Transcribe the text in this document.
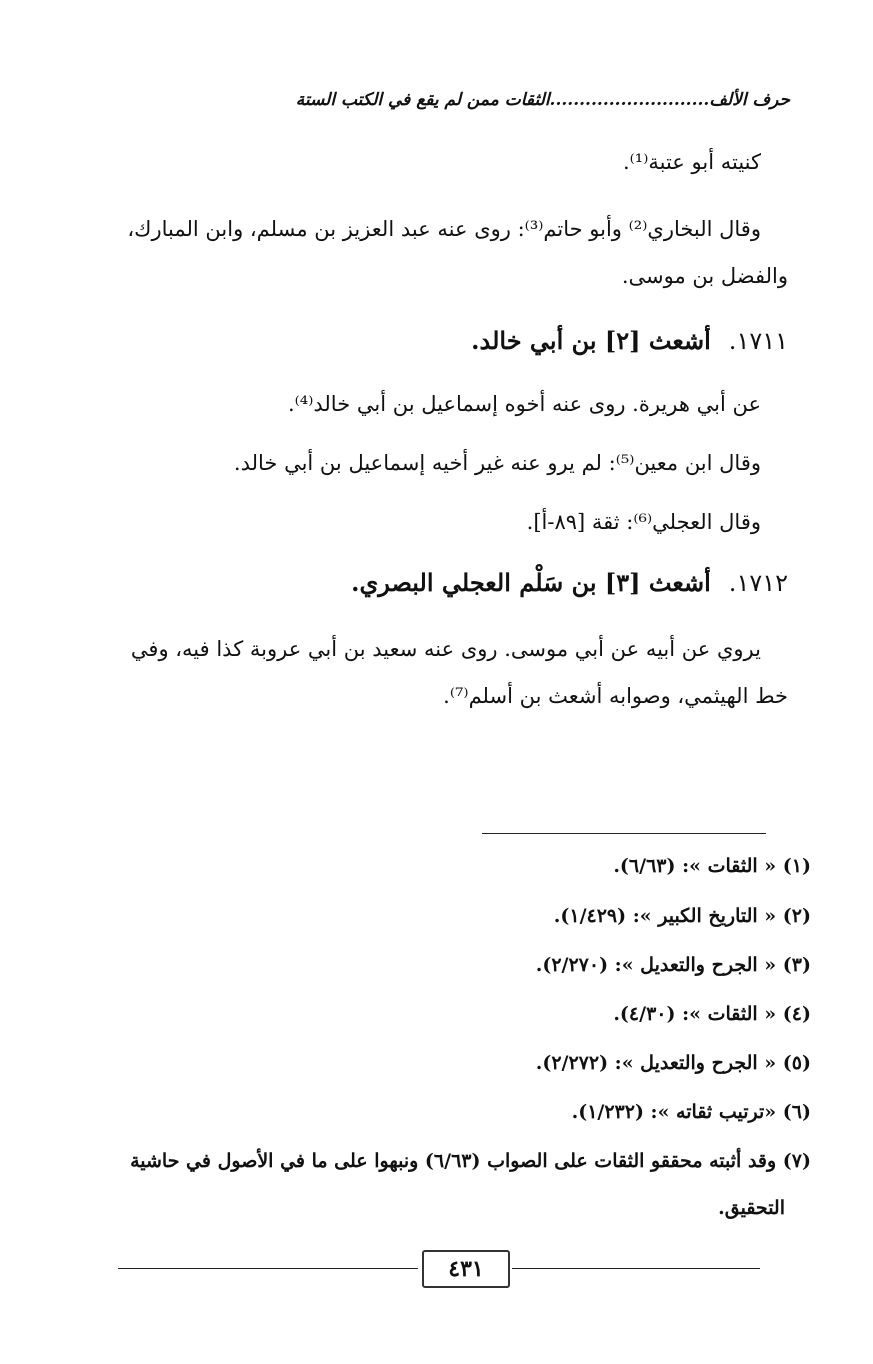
حرف الألف...........................الثقات ممن لم يقع في الكتب الستة
كنيته أبو عتبة⁽¹⁾.
وقال البخاري⁽²⁾ وأبو حاتم⁽³⁾: روى عنه عبد العزيز بن مسلم، وابن المبارك،
والفضل بن موسى.
١٧١١.أشعث [٢] بن أبي خالد.
عن أبي هريرة. روى عنه أخوه إسماعيل بن أبي خالد⁽⁴⁾.
وقال ابن معين⁽⁵⁾: لم يرو عنه غير أخيه إسماعيل بن أبي خالد.
وقال العجلي⁽⁶⁾: ثقة [٨٩-أ].
١٧١٢.أشعث [٣] بن سَلْم العجلي البصري.
يروي عن أبيه عن أبي موسى. روى عنه سعيد بن أبي عروبة كذا فيه، وفي
خط الهيثمي، وصوابه أشعث بن أسلم⁽⁷⁾.
(١) « الثقات »: (٦/٦٣).
(٢) « التاريخ الكبير »: (١/٤٢٩).
(٣) « الجرح والتعديل »: (٢/٢٧٠).
(٤) « الثقات »: (٤/٣٠).
(٥) « الجرح والتعديل »: (٢/٢٧٢).
(٦) «ترتيب ثقاته »: (١/٢٣٢).
(٧) وقد أثبته محققو الثقات على الصواب (٦/٦٣) ونبهوا على ما في الأصول في حاشية
التحقيق.
٤٣١
